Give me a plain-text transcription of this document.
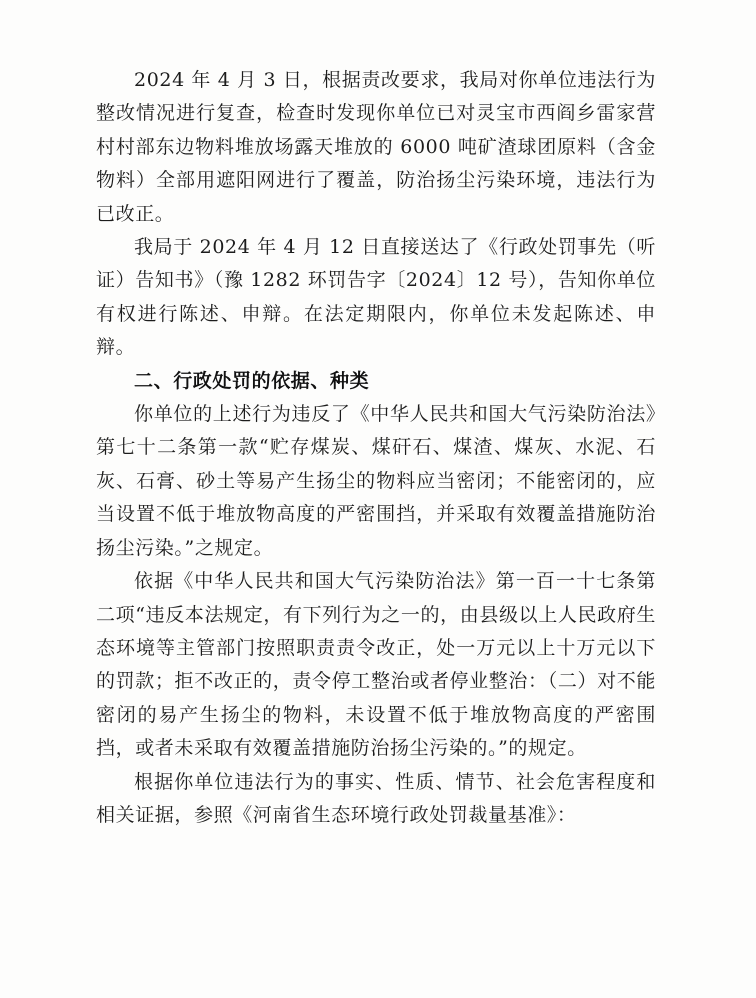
2024 年 4 月 3 日，根据责改要求，我局对你单位违法行为整改情况进行复查，检查时发现你单位已对灵宝市西阎乡雷家营村村部东边物料堆放场露天堆放的 6000 吨矿渣球团原料（含金物料）全部用遮阳网进行了覆盖，防治扬尘污染环境，违法行为已改正。

我局于 2024 年 4 月 12 日直接送达了《行政处罚事先（听证）告知书》（豫 1282 环罚告字〔2024〕12 号），告知你单位有权进行陈述、申辩。在法定期限内，你单位未发起陈述、申辩。

二、行政处罚的依据、种类

你单位的上述行为违反了《中华人民共和国大气污染防治法》第七十二条第一款“贮存煤炭、煤矸石、煤渣、煤灰、水泥、石灰、石膏、砂土等易产生扬尘的物料应当密闭；不能密闭的，应当设置不低于堆放物高度的严密围挡，并采取有效覆盖措施防治扬尘污染。”之规定。

依据《中华人民共和国大气污染防治法》第一百一十七条第二项“违反本法规定，有下列行为之一的，由县级以上人民政府生态环境等主管部门按照职责责令改正，处一万元以上十万元以下的罚款；拒不改正的，责令停工整治或者停业整治：（二）对不能密闭的易产生扬尘的物料，未设置不低于堆放物高度的严密围挡，或者未采取有效覆盖措施防治扬尘污染的。”的规定。

根据你单位违法行为的事实、性质、情节、社会危害程度和相关证据，参照《河南省生态环境行政处罚裁量基准》：
